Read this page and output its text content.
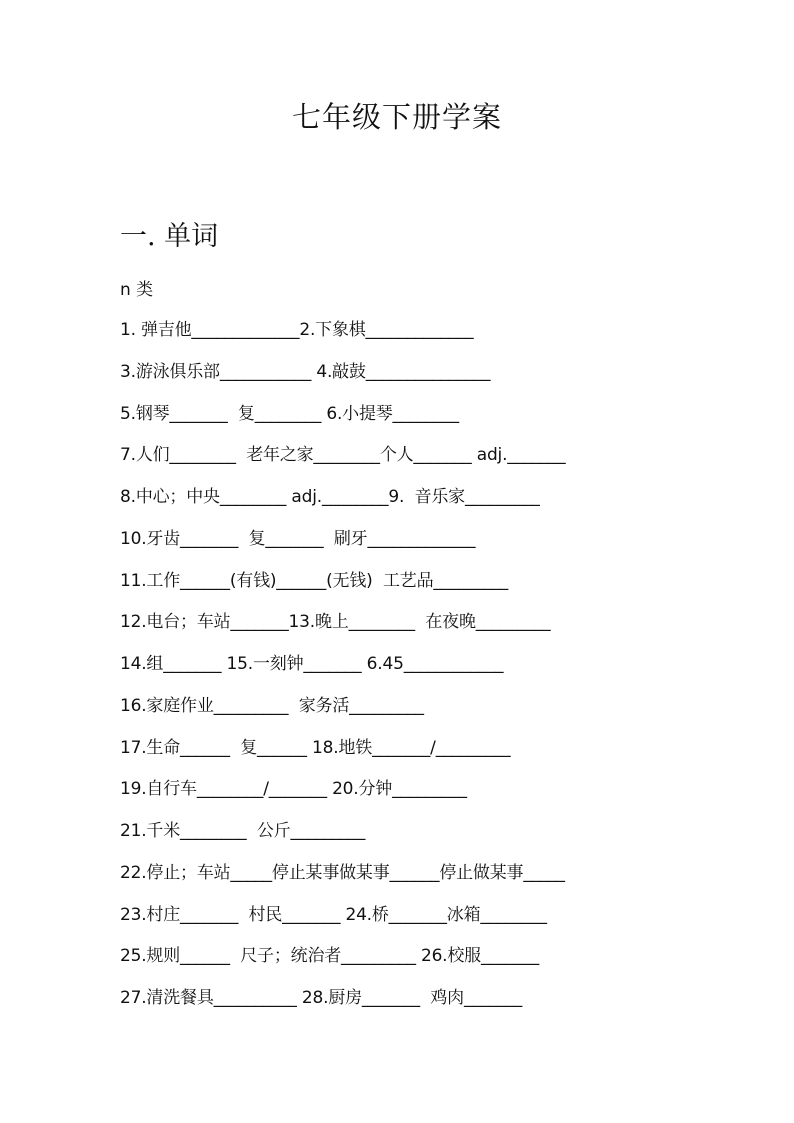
七年级下册学案
一. 单词
n 类
1. 弹吉他_____________2.下象棋_____________
3.游泳俱乐部___________ 4.敲鼓_______________
5.钢琴_______  复________ 6.小提琴________
7.人们________  老年之家________个人_______ adj._______
8.中心；中央________ adj.________9.  音乐家_________
10.牙齿_______  复_______  刷牙_____________
11.工作______(有钱)______(无钱)  工艺品_________
12.电台；车站_______13.晚上________  在夜晚_________
14.组_______ 15.一刻钟_______ 6.45____________
16.家庭作业_________  家务活_________
17.生命______  复______ 18.地铁_______/_________
19.自行车________/_______ 20.分钟_________
21.千米________  公斤_________
22.停止；车站_____停止某事做某事______停止做某事_____
23.村庄_______  村民_______ 24.桥_______冰箱________
25.规则______  尺子；统治者_________ 26.校服_______
27.清洗餐具__________ 28.厨房_______  鸡肉_______
